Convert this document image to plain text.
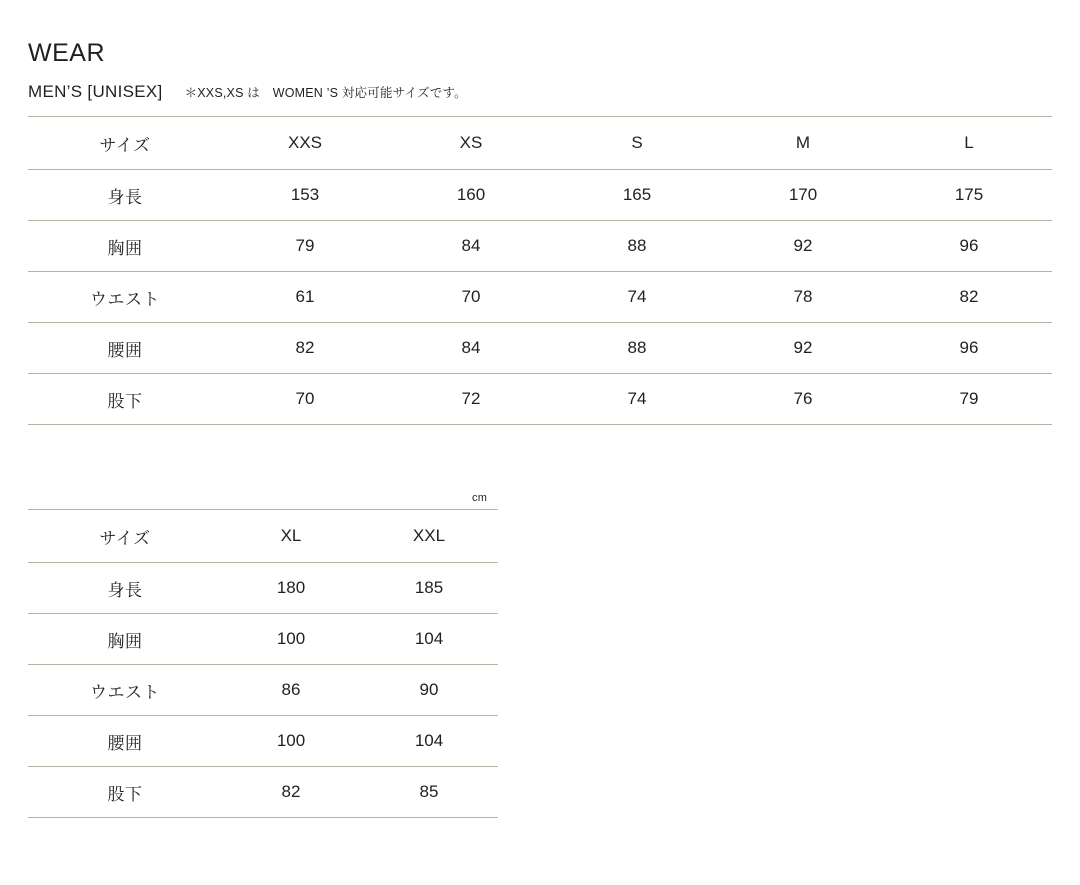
WEAR
MEN’S [UNISEX] ＊XXS,XS は　WOMEN ’S 対応可能サイズです。
サイズ	XXS	XS	S	M	L
身長	153	160	165	170	175
胸囲	79	84	88	92	96
ウエスト	61	70	74	78	82
腰囲	82	84	88	92	96
股下	70	72	74	76	79
cm
サイズ	XL	XXL
身長	180	185
胸囲	100	104
ウエスト	86	90
腰囲	100	104
股下	82	85
